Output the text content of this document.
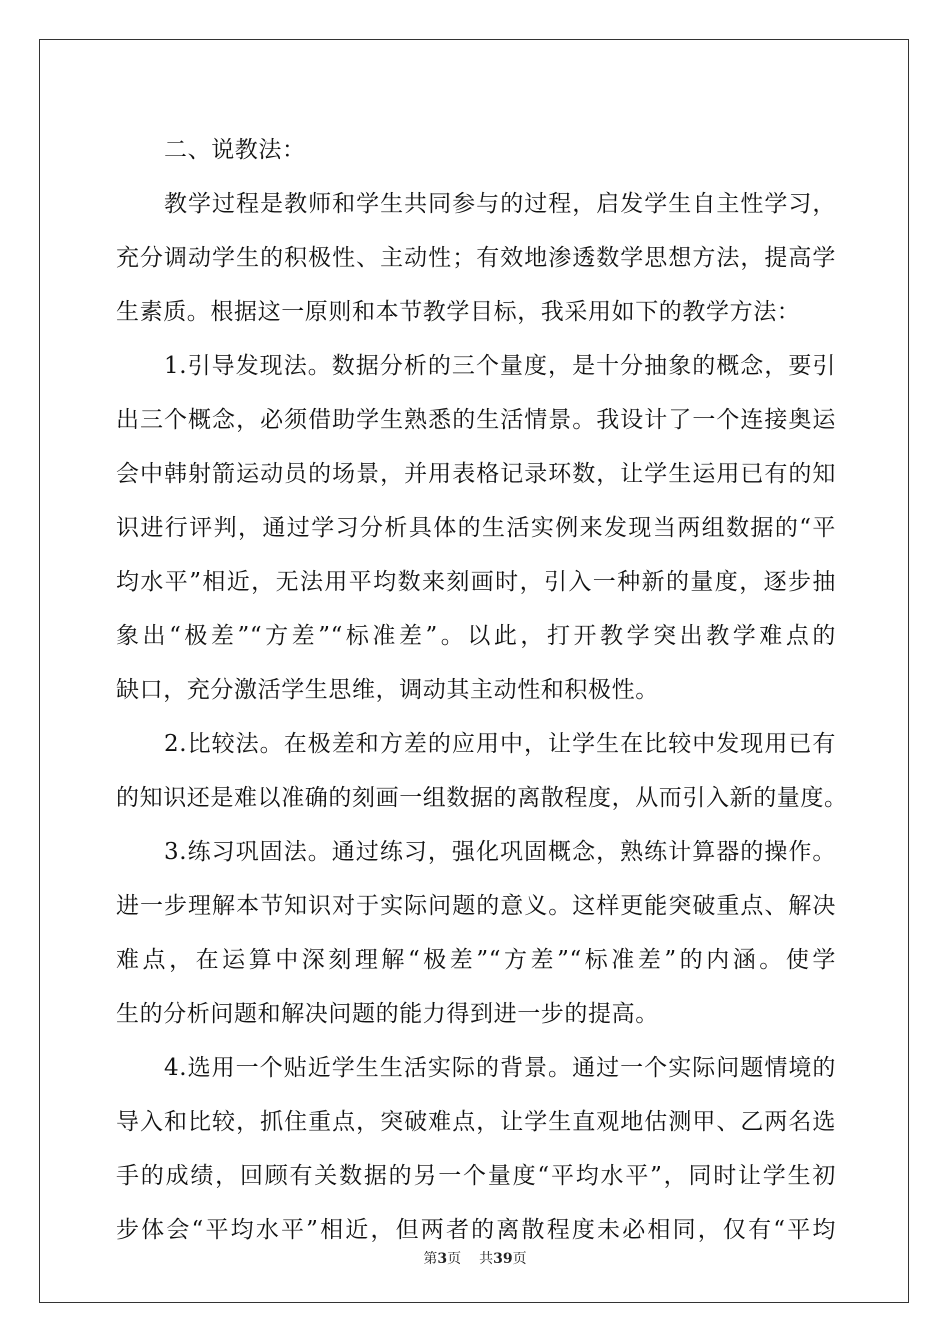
二、说教法：
教学过程是教师和学生共同参与的过程，启发学生自主性学习，
充分调动学生的积极性、主动性；有效地渗透数学思想方法，提高学
生素质。根据这一原则和本节教学目标，我采用如下的教学方法：
1.引导发现法。数据分析的三个量度，是十分抽象的概念，要引
出三个概念，必须借助学生熟悉的生活情景。我设计了一个连接奥运
会中韩射箭运动员的场景，并用表格记录环数，让学生运用已有的知
识进行评判，通过学习分析具体的生活实例来发现当两组数据的“平
均水平”相近，无法用平均数来刻画时，引入一种新的量度，逐步抽
象出“极差”“方差”“标准差”。以此，打开教学突出教学难点的
缺口，充分激活学生思维，调动其主动性和积极性。
2.比较法。在极差和方差的应用中，让学生在比较中发现用已有
的知识还是难以准确的刻画一组数据的离散程度，从而引入新的量度。
3.练习巩固法。通过练习，强化巩固概念，熟练计算器的操作。
进一步理解本节知识对于实际问题的意义。这样更能突破重点、解决
难点，在运算中深刻理解“极差”“方差”“标准差”的内涵。使学
生的分析问题和解决问题的能力得到进一步的提高。
4.选用一个贴近学生生活实际的背景。通过一个实际问题情境的
导入和比较，抓住重点，突破难点，让学生直观地估测甲、乙两名选
手的成绩，回顾有关数据的另一个量度“平均水平”，同时让学生初
步体会“平均水平”相近，但两者的离散程度未必相同，仅有“平均
第3页 共39页
